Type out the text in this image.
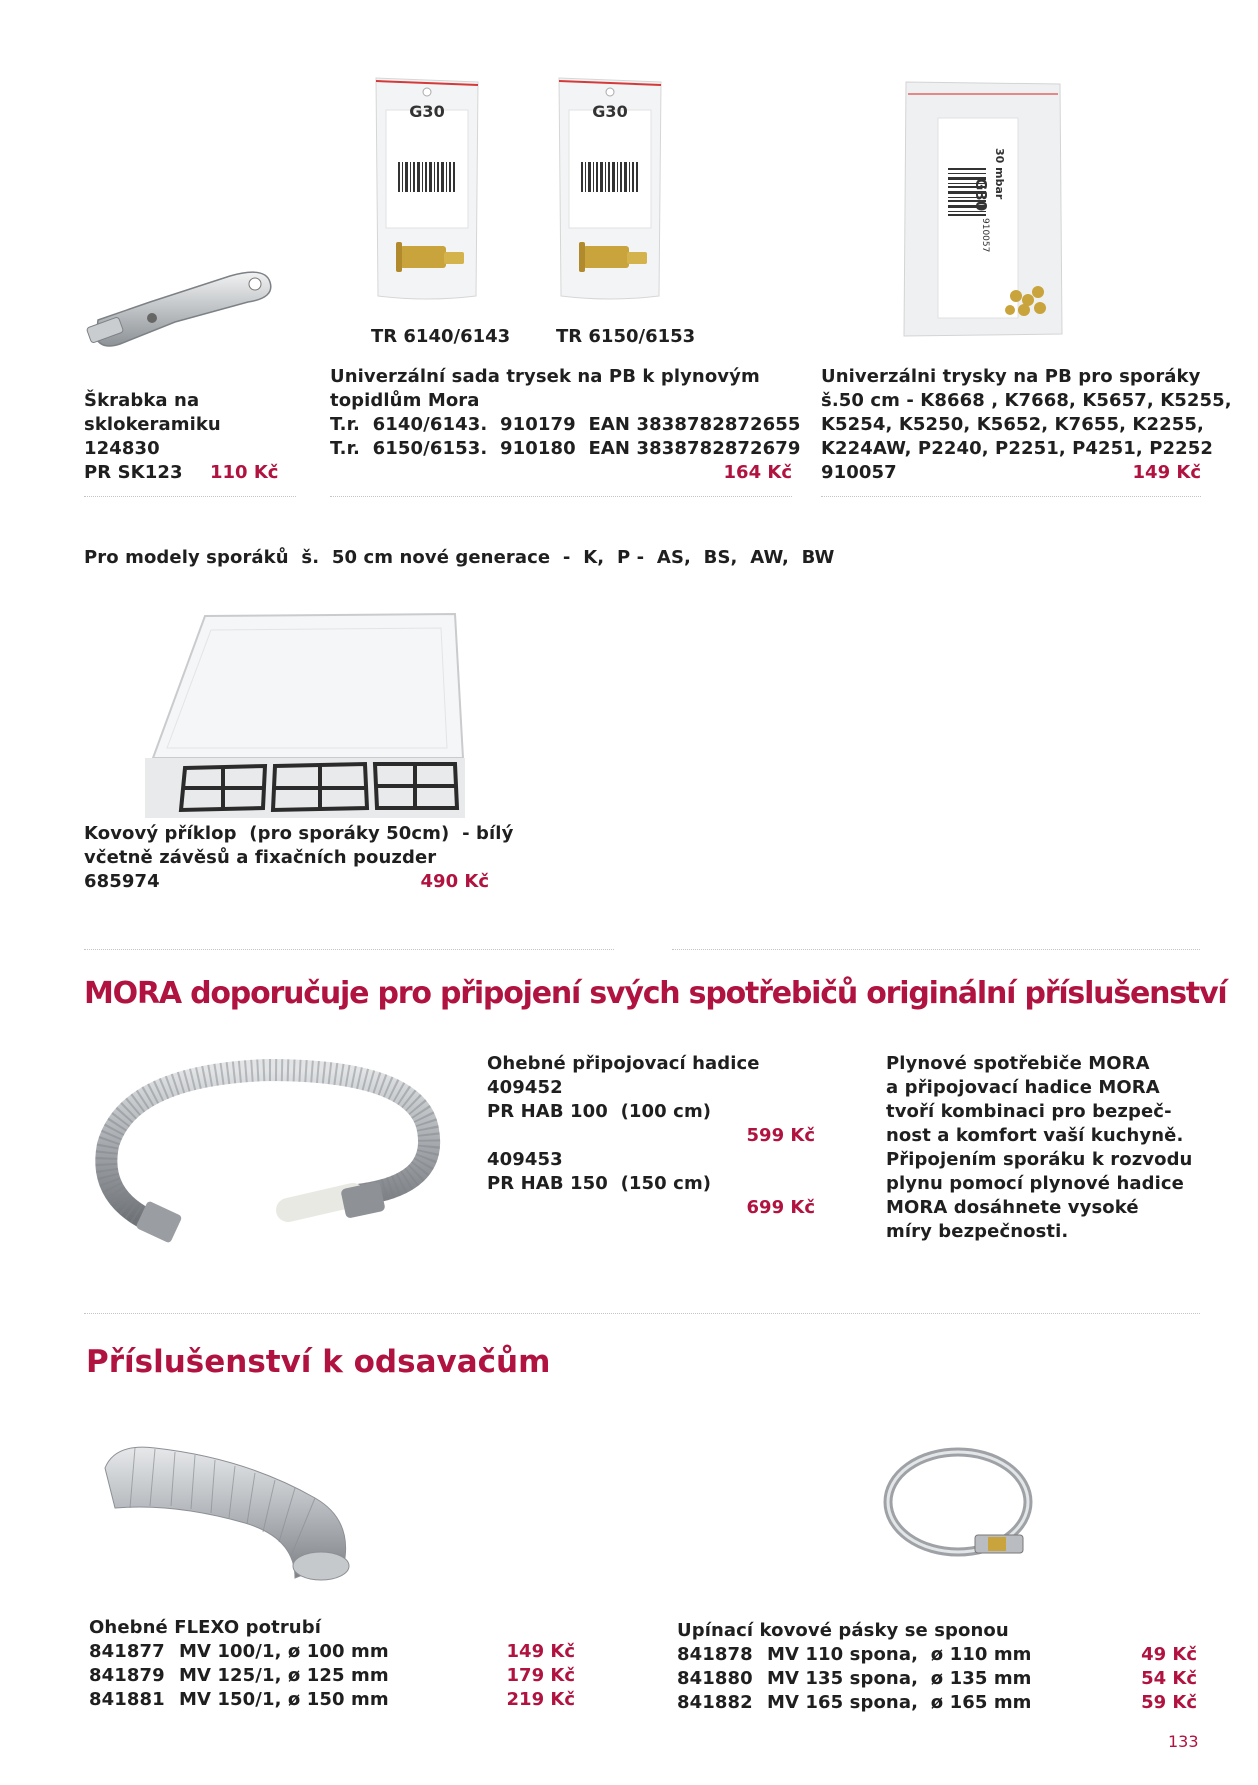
G30	G30
G30 30 mbar
910057
TR 6140/6143	TR 6150/6153
Škrabka na
sklokeramiku
124830
PR SK123	110 Kč
Univerzální sada trysek na PB k plynovým
topidlům Mora
T.r.  6140/6143.  910179  EAN 3838782872655
T.r.  6150/6153.  910180  EAN 3838782872679
164 Kč
Univerzálni trysky na PB pro sporáky
š.50 cm - K8668 , K7668, K5657, K5255,
K5254, K5250, K5652, K7655, K2255,
K224AW, P2240, P2251, P4251, P2252
910057	149 Kč
Pro modely sporáků  š.  50 cm nové generace  -  K,  P -  AS,  BS,  AW,  BW
Kovový příklop  (pro sporáky 50cm)  - bílý
včetně závěsů a fixačních pouzder
685974	490 Kč
MORA doporučuje pro připojení svých spotřebičů originální příslušenství
Ohebné připojovací hadice
409452
PR HAB 100  (100 cm)
599 Kč
409453
PR HAB 150  (150 cm)
699 Kč
Plynové spotřebiče MORA
a připojovací hadice MORA
tvoří kombinaci pro bezpeč-
nost a komfort vaší kuchyně.
Připojením sporáku k rozvodu
plynu pomocí plynové hadice
MORA dosáhnete vysoké
míry bezpečnosti.
Příslušenství k odsavačům
Ohebné FLEXO potrubí
841877 MV 100/1, ø 100 mm	149 Kč
841879 MV 125/1, ø 125 mm	179 Kč
841881 MV 150/1, ø 150 mm	219 Kč
Upínací kovové pásky se sponou
841878 MV 110 spona,  ø 110 mm	49 Kč
841880 MV 135 spona,  ø 135 mm	54 Kč
841882 MV 165 spona,  ø 165 mm	59 Kč
133
